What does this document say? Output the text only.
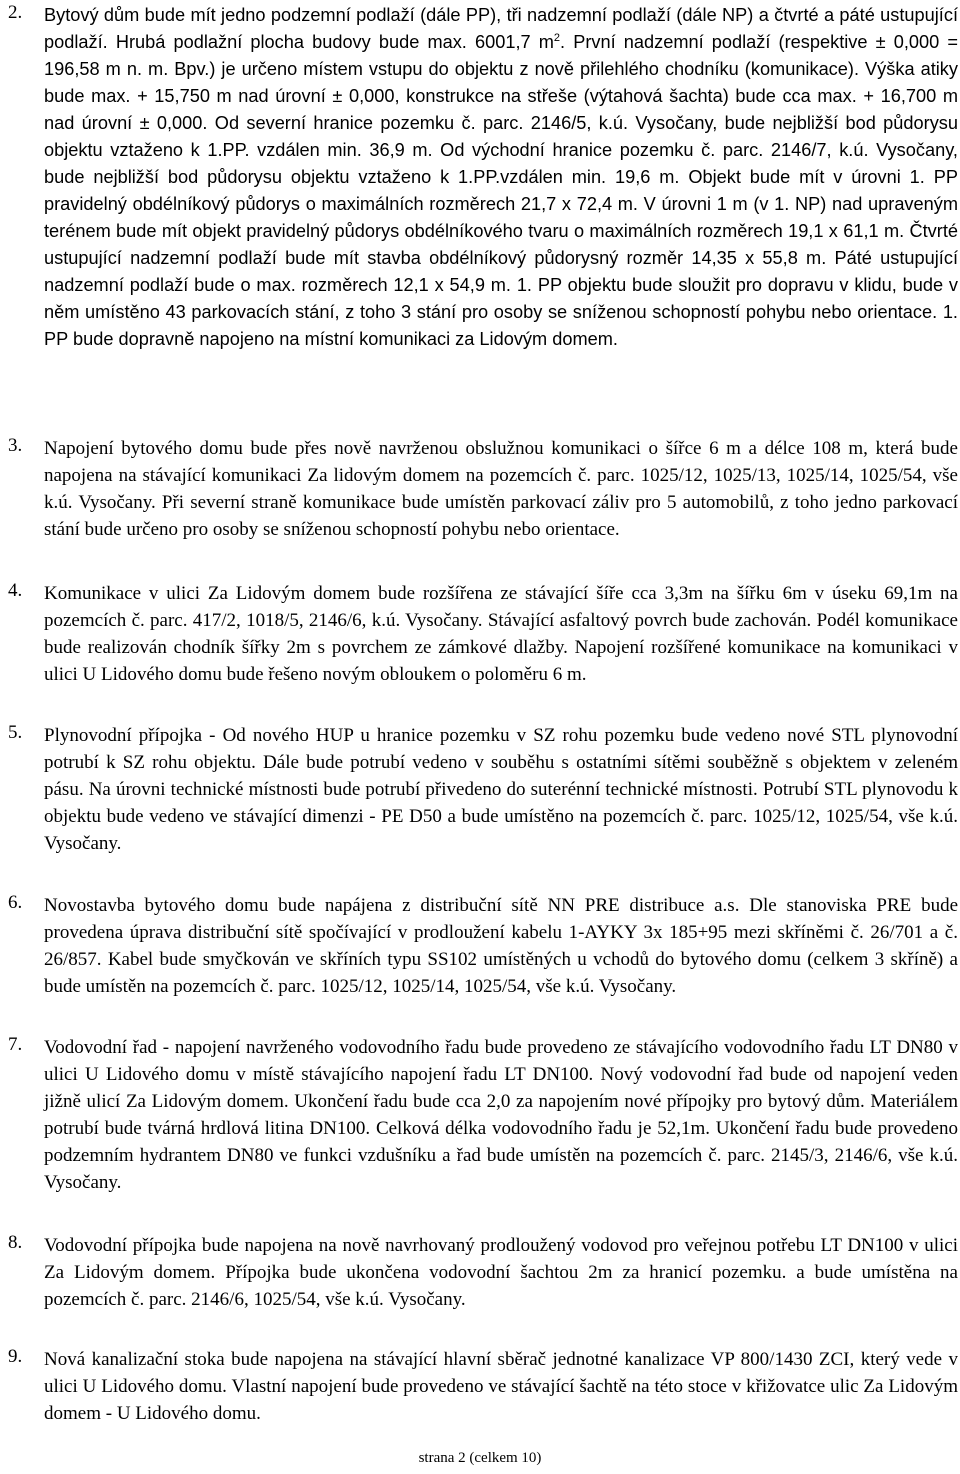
2.	Bytový dům bude mít jedno podzemní podlaží (dále PP), tři nadzemní podlaží (dále NP) a čtvrté a páté ustupující podlaží. Hrubá podlažní plocha budovy bude max. 6001,7 $m^2$. První nadzemní podlaží (respektive ± 0,000 = 196,58 m n. m. Bpv.) je určeno místem vstupu do objektu z nově přilehlého chodníku (komunikace). Výška atiky bude max. + 15,750 m nad úrovní ± 0,000, konstrukce na střeše (výtahová šachta) bude cca max. + 16,700 m nad úrovní ± 0,000. Od severní hranice pozemku č. parc. 2146/5, k.ú. Vysočany, bude nejbližší bod půdorysu objektu vztaženo k 1.PP. vzdálen min. 36,9 m. Od východní hranice pozemku č. parc. 2146/7, k.ú. Vysočany, bude nejbližší bod půdorysu objektu vztaženo k 1.PP.vzdálen min. 19,6 m. Objekt bude mít v úrovni 1. PP pravidelný obdélníkový půdorys o maximálních rozměrech 21,7 x 72,4 m. V úrovni 1 m (v 1. NP) nad upraveným terénem bude mít objekt pravidelný půdorys obdélníkového tvaru o maximálních rozměrech 19,1 x 61,1 m. Čtvrté ustupující nadzemní podlaží bude mít stavba obdélníkový půdorysný rozměr 14,35 x 55,8 m. Páté ustupující nadzemní podlaží bude o max. rozměrech 12,1 x 54,9 m. 1. PP objektu bude sloužit pro dopravu v klidu, bude v něm umístěno 43 parkovacích stání, z toho 3 stání pro osoby se sníženou schopností pohybu nebo orientace. 1. PP bude dopravně napojeno na místní komunikaci za Lidovým domem.

3.	Napojení bytového domu bude přes nově navrženou obslužnou komunikaci o šířce 6 m a délce 108 m, která bude napojena na stávající komunikaci Za lidovým domem na pozemcích č. parc. 1025/12, 1025/13, 1025/14, 1025/54, vše k.ú. Vysočany. Při severní straně komunikace bude umístěn parkovací záliv pro 5 automobilů, z toho jedno parkovací stání bude určeno pro osoby se sníženou schopností pohybu nebo orientace.

4.	Komunikace v ulici Za Lidovým domem bude rozšířena ze stávající šíře cca 3,3m na šířku 6m v úseku 69,1m na pozemcích č. parc. 417/2, 1018/5, 2146/6, k.ú. Vysočany. Stávající asfaltový povrch bude zachován. Podél komunikace bude realizován chodník šířky 2m s povrchem ze zámkové dlažby. Napojení rozšířené komunikace na komunikaci v ulici U Lidového domu bude řešeno novým obloukem o poloměru 6 m.

5.	Plynovodní přípojka - Od nového HUP u hranice pozemku v SZ rohu pozemku bude vedeno nové STL plynovodní potrubí k SZ rohu objektu. Dále bude potrubí vedeno v souběhu s ostatními sítěmi souběžně s objektem v zeleném pásu. Na úrovni technické místnosti bude potrubí přivedeno do suterénní technické místnosti. Potrubí STL plynovodu k objektu bude vedeno ve stávající dimenzi - PE D50 a bude umístěno na pozemcích č. parc. 1025/12, 1025/54, vše k.ú. Vysočany.

6.	Novostavba bytového domu bude napájena z distribuční sítě NN PRE distribuce a.s. Dle stanoviska PRE bude provedena úprava distribuční sítě spočívající v prodloužení kabelu 1-AYKY 3x 185+95 mezi skříněmi č. 26/701 a č. 26/857. Kabel bude smyčkován ve skříních typu SS102 umístěných u vchodů do bytového domu (celkem 3 skříně) a bude umístěn na pozemcích č. parc. 1025/12, 1025/14, 1025/54, vše k.ú. Vysočany.

7.	Vodovodní řad - napojení navrženého vodovodního řadu bude provedeno ze stávajícího vodovodního řadu LT DN80 v ulici U Lidového domu v místě stávajícího napojení řadu LT DN100. Nový vodovodní řad bude od napojení veden jižně ulicí Za Lidovým domem. Ukončení řadu bude cca 2,0 za napojením nové přípojky pro bytový dům. Materiálem potrubí bude tvárná hrdlová litina DN100. Celková délka vodovodního řadu je 52,1m. Ukončení řadu bude provedeno podzemním hydrantem DN80 ve funkci vzdušníku a řad bude umístěn na pozemcích č. parc. 2145/3, 2146/6, vše k.ú. Vysočany.

8.	Vodovodní přípojka bude napojena na nově navrhovaný prodloužený vodovod pro veřejnou potřebu LT DN100 v ulici Za Lidovým domem. Přípojka bude ukončena vodovodní šachtou 2m za hranicí pozemku. a bude umístěna na pozemcích č. parc. 2146/6, 1025/54, vše k.ú. Vysočany.

9.	Nová kanalizační stoka bude napojena na stávající hlavní sběrač jednotné kanalizace VP 800/1430 ZCI, který vede v ulici U Lidového domu. Vlastní napojení bude provedeno ve stávající šachtě na této stoce v křižovatce ulic Za Lidovým domem - U Lidového domu.

strana 2 (celkem 10)
